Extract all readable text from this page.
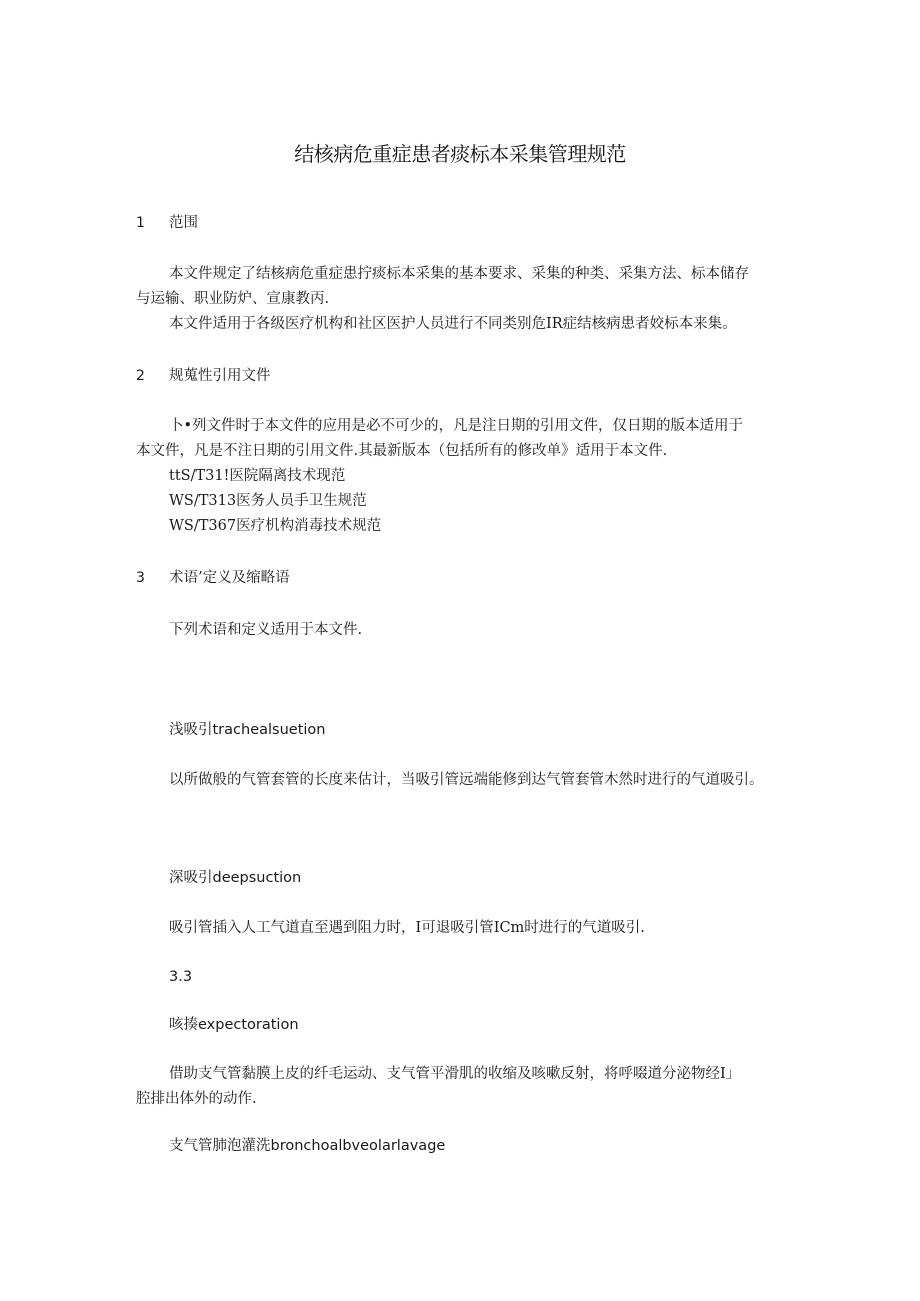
结核病危重症患者痰标本采集管理规范
1 范围
本文件规定了结核病危重症患拧痰标本采集的基本要求、采集的种类、采集方法、标本储存
与运输、职业防炉、宣康教丙.
本文件适用于各级医疗机构和社区医护人员进行不同类别危IR症结核病患者姣标本来集。
2 规蒐性引用文件
卜•列文件时于本文件的应用是必不可少的，凡是注日期的引用文件，仅日期的版本适用于
本文件，凡是不注日期的引用文件.其最新版本（包括所有的修改单》适用于本文件.
ttS/T31!医院隔离技术现范
WS/T313医务人员手卫生规范
WS/T367医疗机构消毒技术规范
3 术语’定义及缩略语
下列术语和定义适用于本文件.
浅吸引trachealsuetion
以所做般的气管套管的长度来估计，当吸引管远端能修到达气管套管木然时进行的气道吸引。
深吸引deepsuction
吸引管插入人工气道直至遇到阻力时，I可退吸引管ICm时进行的气道吸引.
3.3
咳揍expectoration
借助支气管黏膜上皮的纤毛运动、支气管平滑肌的收缩及咳嗽反射，将呼啜道分泌物经I」
腔排出体外的动作.
支气管肺泡灌洗bronchoalbveolarlavage
